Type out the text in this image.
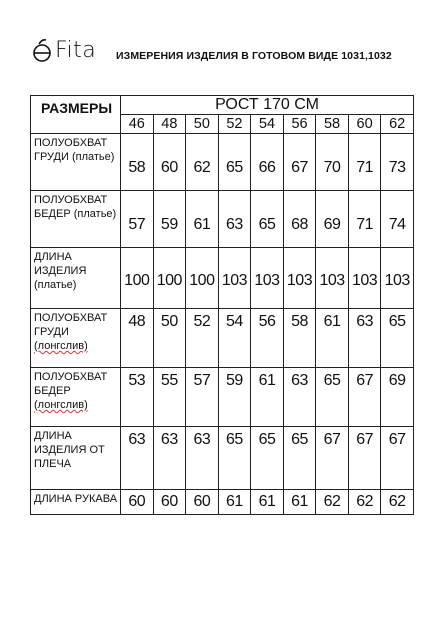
Fita ИЗМЕРЕНИЯ ИЗДЕЛИЯ В ГОТОВОМ ВИДЕ 1031,1032
РАЗМЕРЫ	РОСТ 170 СМ								
	46	48	50	52	54	56	58	60	62

ПОЛУОБХВАТ
ГРУДИ (платье)	58	60	62	65	66	67	70	71	73

ПОЛУОБХВАТ
БЕДЕР (платье)	57	59	61	63	65	68	69	71	74

ДЛИНА
ИЗДЕЛИЯ
(платье)	100	100	100	103	103	103	103	103	103

ПОЛУОБХВАТ
ГРУДИ
(лонгслив)	48	50	52	54	56	58	61	63	65

ПОЛУОБХВАТ
БЕДЕР
(лонгслив)	53	55	57	59	61	63	65	67	69

ДЛИНА
ИЗДЕЛИЯ ОТ
ПЛЕЧА	63	63	63	65	65	65	67	67	67

ДЛИНА РУКАВА	60	60	60	61	61	61	62	62	62
